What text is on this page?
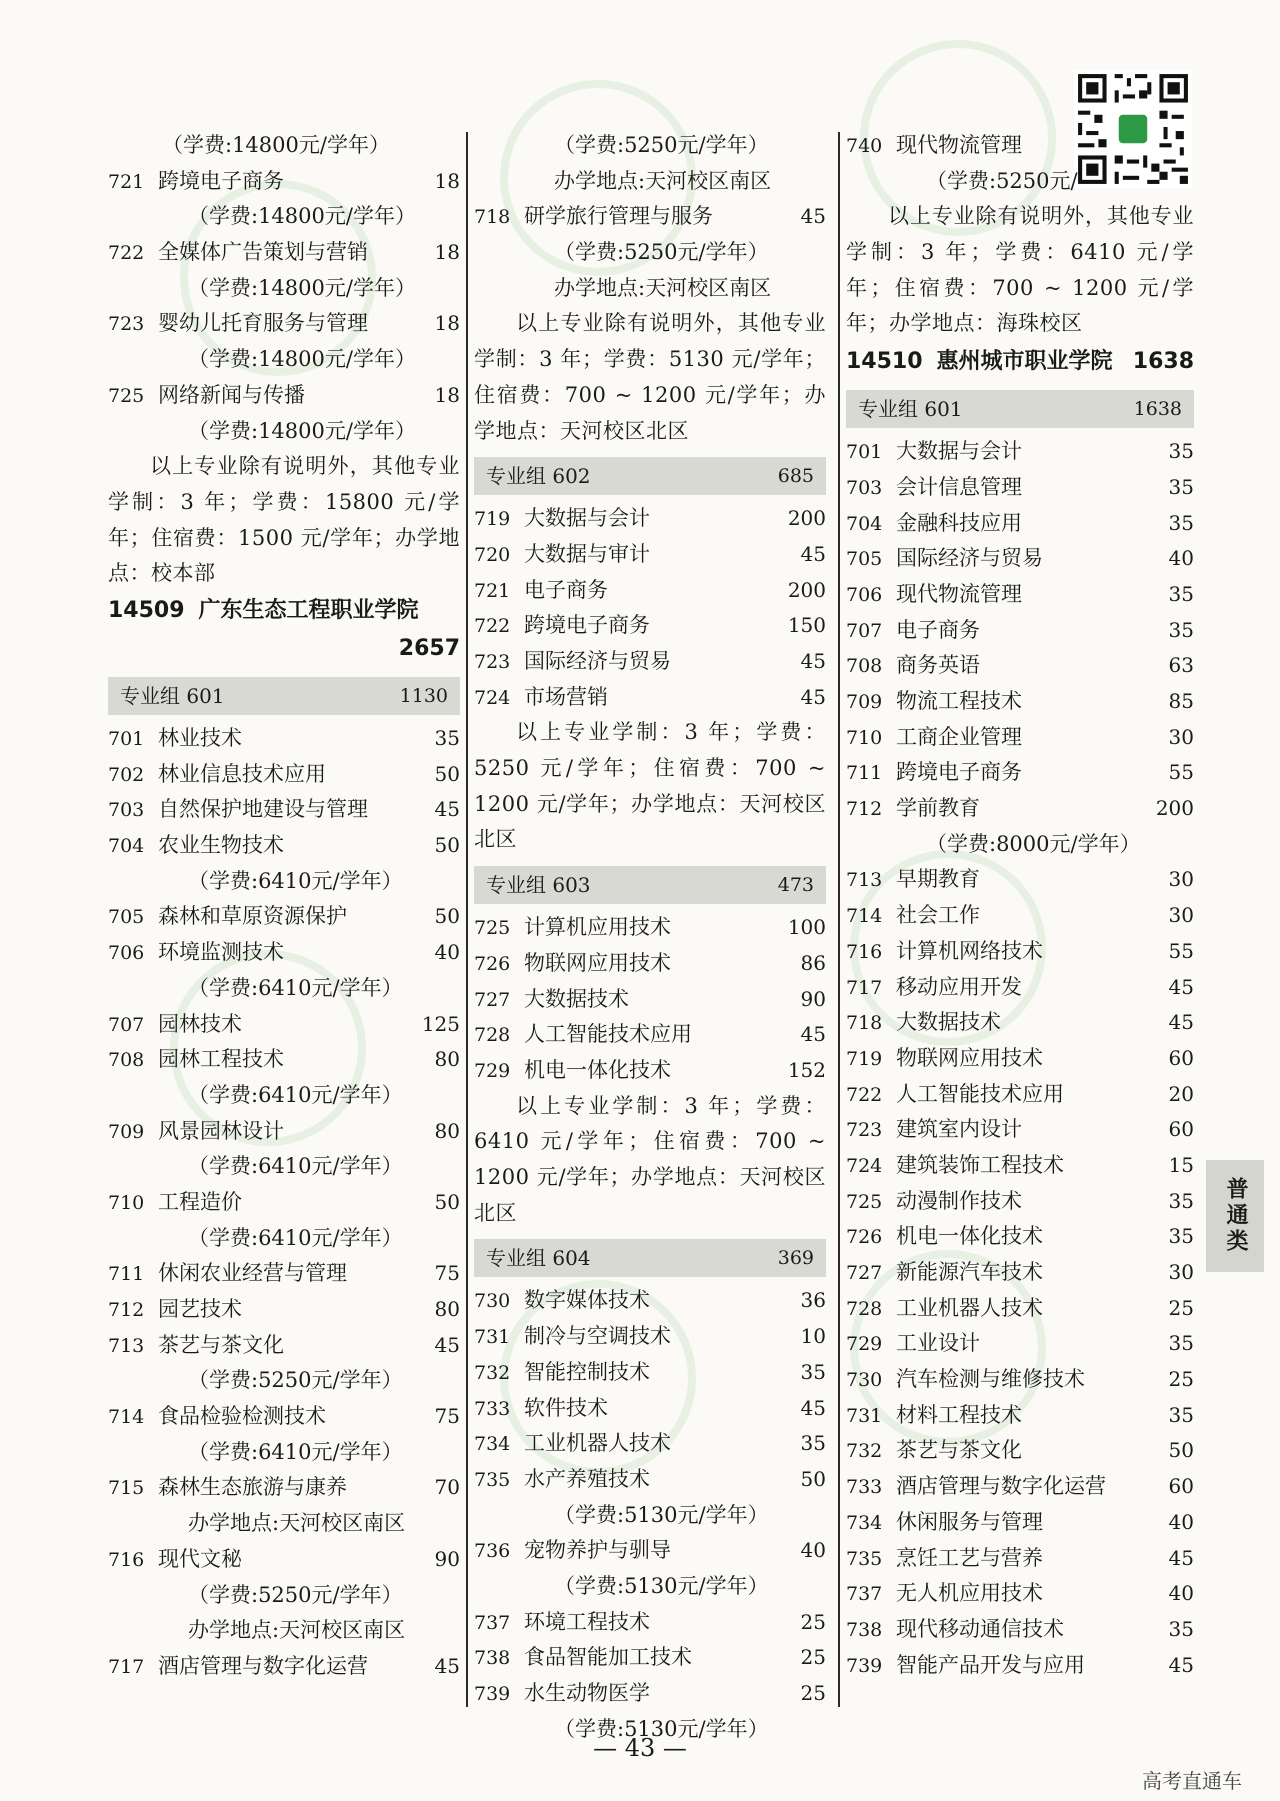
（学费:14800元/学年）
721 跨境电子商务	18
（学费:14800元/学年）
722 全媒体广告策划与营销	18
（学费:14800元/学年）
723 婴幼儿托育服务与管理	18
（学费:14800元/学年）
725 网络新闻与传播	18
（学费:14800元/学年）
以上专业除有说明外，其他专业学制：3 年；学费：15800 元/学年；住宿费：1500 元/学年；办学地点：校本部
14509 广东生态工程职业学院
2657
专业组 601	1130
701 林业技术	35
702 林业信息技术应用	50
703 自然保护地建设与管理	45
704 农业生物技术	50
（学费:6410元/学年）
705 森林和草原资源保护	50
706 环境监测技术	40
（学费:6410元/学年）
707 园林技术	125
708 园林工程技术	80
（学费:6410元/学年）
709 风景园林设计	80
（学费:6410元/学年）
710 工程造价	50
（学费:6410元/学年）
711 休闲农业经营与管理	75
712 园艺技术	80
713 茶艺与茶文化	45
（学费:5250元/学年）
714 食品检验检测技术	75
（学费:6410元/学年）
715 森林生态旅游与康养	70
办学地点:天河校区南区
716 现代文秘	90
（学费:5250元/学年）
办学地点:天河校区南区
717 酒店管理与数字化运营	45
（学费:5250元/学年）
办学地点:天河校区南区
718 研学旅行管理与服务	45
（学费:5250元/学年）
办学地点:天河校区南区
以上专业除有说明外，其他专业学制：3 年；学费：5130 元/学年；住宿费：700 ~ 1200 元/学年；办学地点：天河校区北区
专业组 602	685
719 大数据与会计	200
720 大数据与审计	45
721 电子商务	200
722 跨境电子商务	150
723 国际经济与贸易	45
724 市场营销	45
以上专业学制：3 年；学费：5250 元/学年；住宿费：700 ~ 1200 元/学年；办学地点：天河校区北区
专业组 603	473
725 计算机应用技术	100
726 物联网应用技术	86
727 大数据技术	90
728 人工智能技术应用	45
729 机电一体化技术	152
以上专业学制：3 年；学费：6410 元/学年；住宿费：700 ~ 1200 元/学年；办学地点：天河校区北区
专业组 604	369
730 数字媒体技术	36
731 制冷与空调技术	10
732 智能控制技术	35
733 软件技术	45
734 工业机器人技术	35
735 水产养殖技术	50
（学费:5130元/学年）
736 宠物养护与驯导	40
（学费:5130元/学年）
737 环境工程技术	25
738 食品智能加工技术	25
739 水生动物医学	25
（学费:5130元/学年）
740 现代物流管理
（学费:5250元/
以上专业除有说明外，其他专业学制：3 年；学费：6410 元/学年；住宿费：700 ~ 1200 元/学年；办学地点：海珠校区
14510 惠州城市职业学院 1638
专业组 601	1638
701 大数据与会计	35
703 会计信息管理	35
704 金融科技应用	35
705 国际经济与贸易	40
706 现代物流管理	35
707 电子商务	35
708 商务英语	63
709 物流工程技术	85
710 工商企业管理	30
711 跨境电子商务	55
712 学前教育	200
（学费:8000元/学年）
713 早期教育	30
714 社会工作	30
716 计算机网络技术	55
717 移动应用开发	45
718 大数据技术	45
719 物联网应用技术	60
722 人工智能技术应用	20
723 建筑室内设计	60
724 建筑装饰工程技术	15
725 动漫制作技术	35
726 机电一体化技术	35
727 新能源汽车技术	30
728 工业机器人技术	25
729 工业设计	35
730 汽车检测与维修技术	25
731 材料工程技术	35
732 茶艺与茶文化	50
733 酒店管理与数字化运营	60
734 休闲服务与管理	40
735 烹饪工艺与营养	45
737 无人机应用技术	40
738 现代移动通信技术	35
739 智能产品开发与应用	45
普通类
— 43 —
高考直通车
